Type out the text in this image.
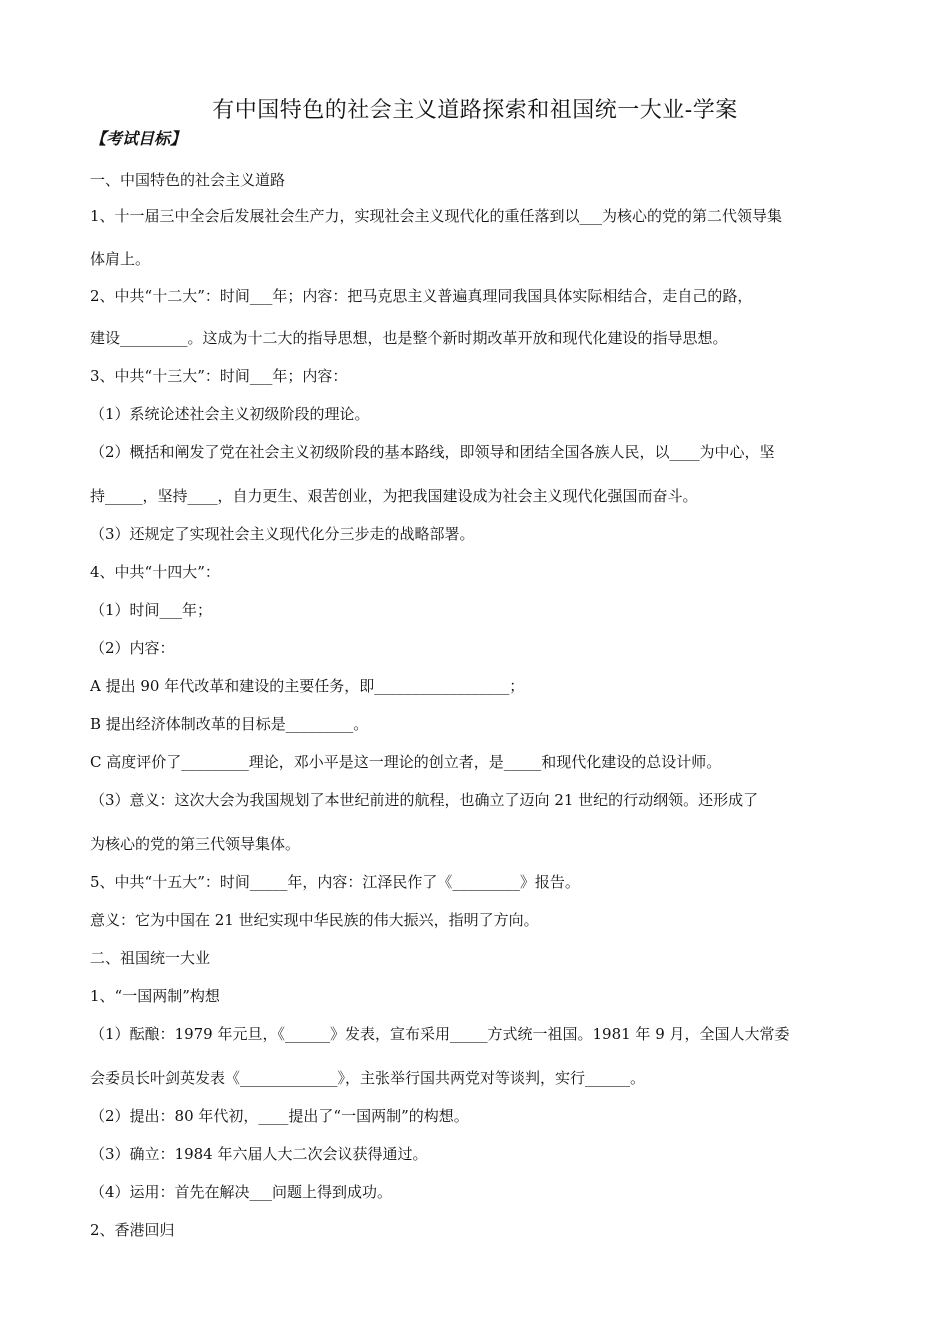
有中国特色的社会主义道路探索和祖国统一大业-学案
【考试目标】
一、中国特色的社会主义道路
1、十一届三中全会后发展社会生产力，实现社会主义现代化的重任落到以___为核心的党的第二代领导集
体肩上。
2、中共“十二大”：时间___年；内容：把马克思主义普遍真理同我国具体实际相结合，走自己的路，
建设_________。这成为十二大的指导思想，也是整个新时期改革开放和现代化建设的指导思想。
3、中共“十三大”：时间___年；内容：
（1）系统论述社会主义初级阶段的理论。
（2）概括和阐发了党在社会主义初级阶段的基本路线，即领导和团结全国各族人民，以____为中心，坚
持_____，坚持____，自力更生、艰苦创业，为把我国建设成为社会主义现代化强国而奋斗。
（3）还规定了实现社会主义现代化分三步走的战略部署。
4、中共“十四大”：
（1）时间___年；
（2）内容：
A 提出 90 年代改革和建设的主要任务，即__________________；
B 提出经济体制改革的目标是_________。
C 高度评价了_________理论，邓小平是这一理论的创立者，是_____和现代化建设的总设计师。
（3）意义：这次大会为我国规划了本世纪前进的航程，也确立了迈向 21 世纪的行动纲领。还形成了
为核心的党的第三代领导集体。
5、中共“十五大”：时间_____年，内容：江泽民作了《_________》报告。
意义：它为中国在 21 世纪实现中华民族的伟大振兴，指明了方向。
二、祖国统一大业
1、“一国两制”构想
（1）酝酿：1979 年元旦，《______》发表，宣布采用_____方式统一祖国。1981 年 9 月，全国人大常委
会委员长叶剑英发表《_____________》，主张举行国共两党对等谈判，实行______。
（2）提出：80 年代初，____提出了“一国两制”的构想。
（3）确立：1984 年六届人大二次会议获得通过。
（4）运用：首先在解决___问题上得到成功。
2、香港回归
